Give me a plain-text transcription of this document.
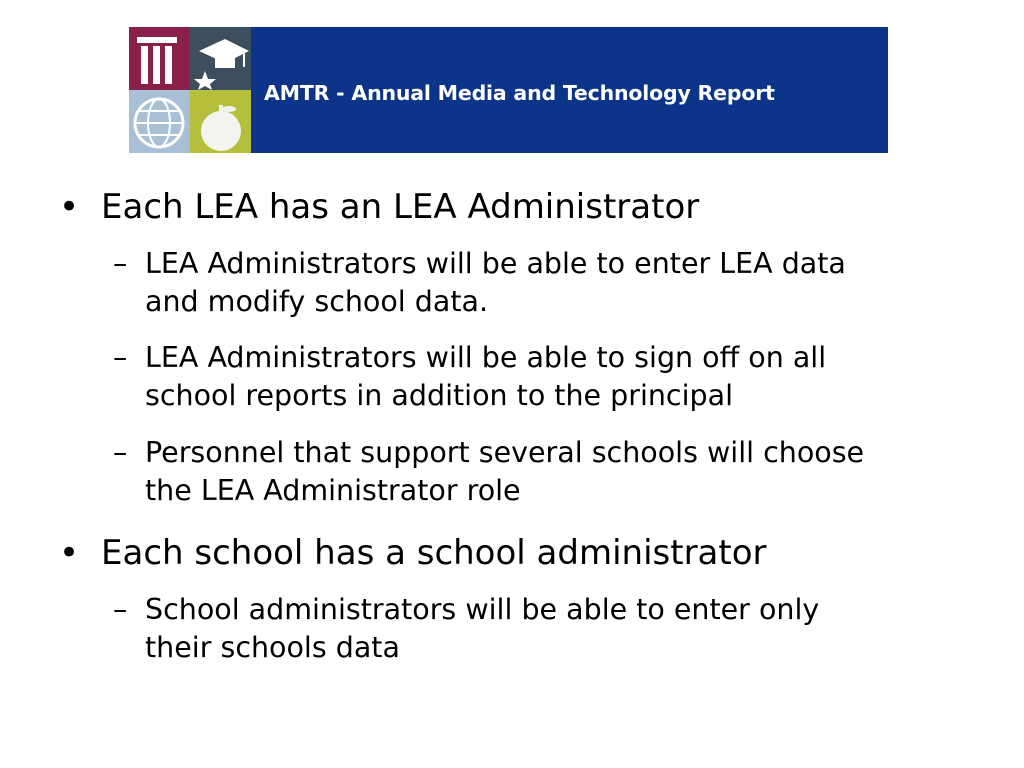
AMTR - Annual Media and Technology Report
• Each LEA has an LEA Administrator
– LEA Administrators will be able to enter LEA data
and modify school data.
– LEA Administrators will be able to sign off on all
school reports in addition to the principal
– Personnel that support several schools will choose
the LEA Administrator role
• Each school has a school administrator
– School administrators will be able to enter only
their schools data
